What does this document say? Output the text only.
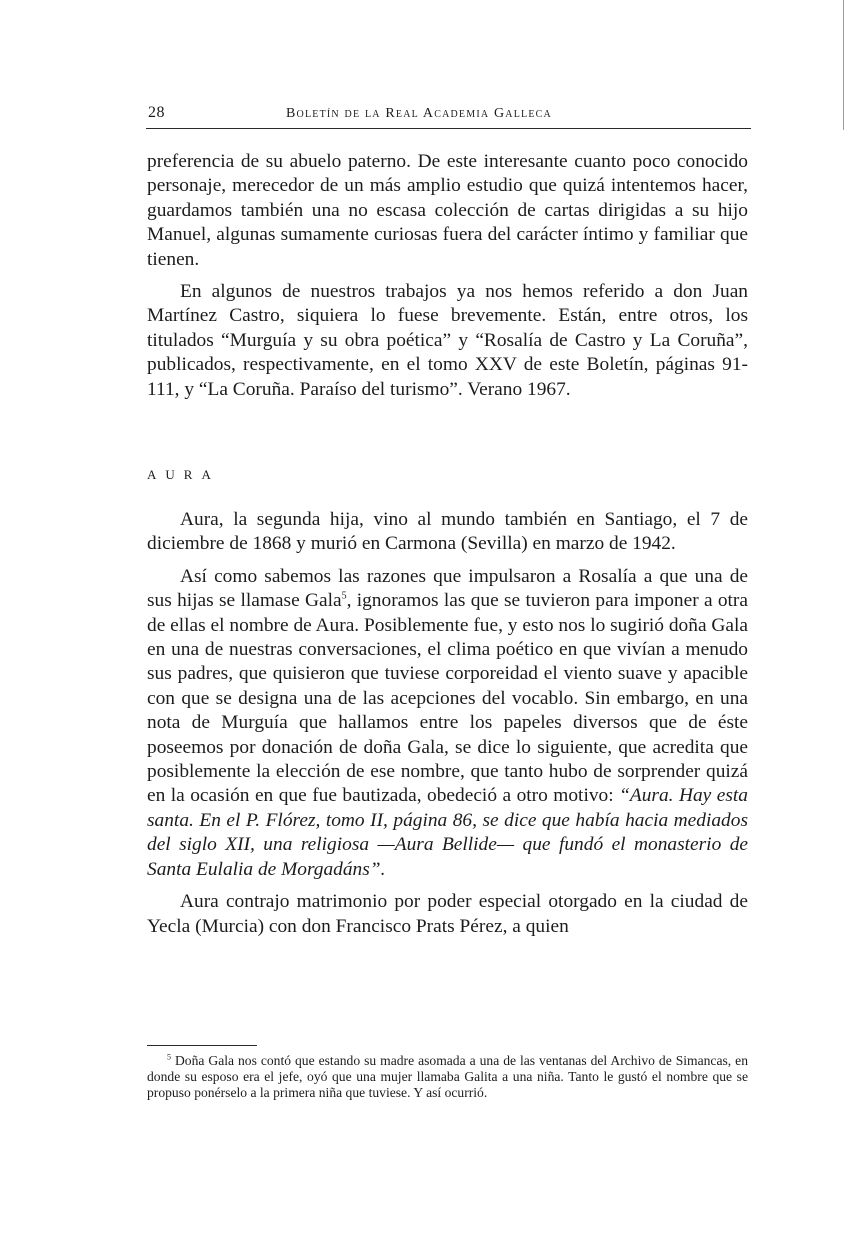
28	Boletín de la Real Academia Galleca

preferencia de su abuelo paterno. De este interesante cuanto poco conocido personaje, merecedor de un más amplio estudio que quizá intentemos hacer, guardamos también una no escasa colección de cartas dirigidas a su hijo Manuel, algunas sumamente curiosas fuera del carácter íntimo y familiar que tienen.

En algunos de nuestros trabajos ya nos hemos referido a don Juan Martínez Castro, siquiera lo fuese brevemente. Están, entre otros, los titulados “Murguía y su obra poética” y “Rosalía de Castro y La Coruña”, publicados, respectivamente, en el tomo XXV de este Boletín, páginas 91-111, y “La Coruña. Paraíso del turismo”. Verano 1967.

AURA

Aura, la segunda hija, vino al mundo también en Santiago, el 7 de diciembre de 1868 y murió en Carmona (Sevilla) en marzo de 1942.

Así como sabemos las razones que impulsaron a Rosalía a que una de sus hijas se llamase Gala$^5$, ignoramos las que se tuvieron para imponer a otra de ellas el nombre de Aura. Posiblemente fue, y esto nos lo sugirió doña Gala en una de nuestras conversaciones, el clima poético en que vivían a menudo sus padres, que quisieron que tuviese corporeidad el viento suave y apacible con que se designa una de las acepciones del vocablo. Sin embargo, en una nota de Murguía que hallamos entre los papeles diversos que de éste poseemos por donación de doña Gala, se dice lo siguiente, que acredita que posiblemente la elección de ese nombre, que tanto hubo de sorprender quizá en la ocasión en que fue bautizada, obedeció a otro motivo: “Aura. Hay esta santa. En el P. Flórez, tomo II, página 86, se dice que había hacia mediados del siglo XII, una religiosa —Aura Bellide— que fundó el monasterio de Santa Eulalia de Morgadáns”.

Aura contrajo matrimonio por poder especial otorgado en la ciudad de Yecla (Murcia) con don Francisco Prats Pérez, a quien

$^5$ Doña Gala nos contó que estando su madre asomada a una de las ventanas del Archivo de Simancas, en donde su esposo era el jefe, oyó que una mujer llamaba Galita a una niña. Tanto le gustó el nombre que se propuso ponérselo a la primera niña que tuviese. Y así ocurrió.
